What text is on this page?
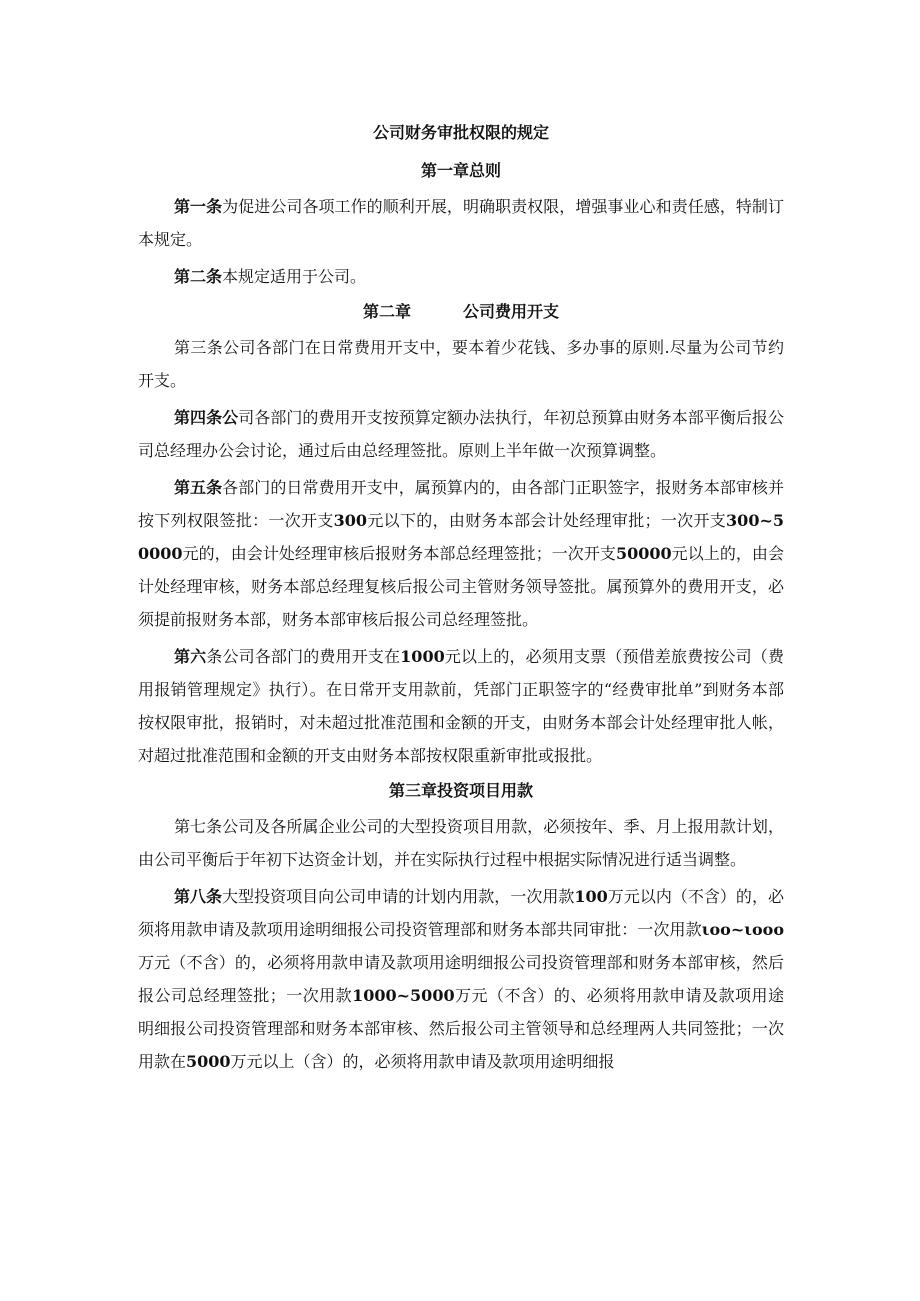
公司财务审批权限的规定
第一章总则

第一条为促进公司各项工作的顺利开展，明确职责权限，增强事业心和责任感，特制订本规定。

第二条本规定适用于公司。

第二章	公司费用开支

第三条公司各部门在日常费用开支中，要本着少花钱、多办事的原则.尽量为公司节约开支。

第四条公司各部门的费用开支按预算定额办法执行，年初总预算由财务本部平衡后报公司总经理办公会讨论，通过后由总经理签批。原则上半年做一次预算调整。

第五条各部门的日常费用开支中，属预算内的，由各部门正职签字，报财务本部审核并按下列权限签批：一次开支300元以下的，由财务本部会计处经理审批；一次开支300~50000元的，由会计处经理审核后报财务本部总经理签批；一次开支50000元以上的，由会计处经理审核，财务本部总经理复核后报公司主管财务领导签批。属预算外的费用开支，必须提前报财务本部，财务本部审核后报公司总经理签批。

第六条公司各部门的费用开支在1000元以上的，必须用支票（预借差旅费按公司（费用报销管理规定》执行）。在日常开支用款前，凭部门正职签字的“经费审批单”到财务本部按权限审批，报销时，对未超过批准范围和金额的开支，由财务本部会计处经理审批人帐，对超过批准范围和金额的开支由财务本部按权限重新审批或报批。

第三章投资项目用款

第七条公司及各所属企业公司的大型投资项目用款，必须按年、季、月上报用款计划，由公司平衡后于年初下达资金计划，并在实际执行过程中根据实际情况进行适当调整。

第八条大型投资项目向公司申请的计划内用款，一次用款100万元以内（不含）的，必须将用款申请及款项用途明细报公司投资管理部和财务本部共同审批：一次用款ιoo~ιooo万元（不含）的，必须将用款申请及款项用途明细报公司投资管理部和财务本部审核，然后报公司总经理签批；一次用款1000~5000万元（不含）的、必须将用款申请及款项用途明细报公司投资管理部和财务本部审核、然后报公司主管领导和总经理两人共同签批；一次用款在5000万元以上（含）的，必须将用款申请及款项用途明细报
